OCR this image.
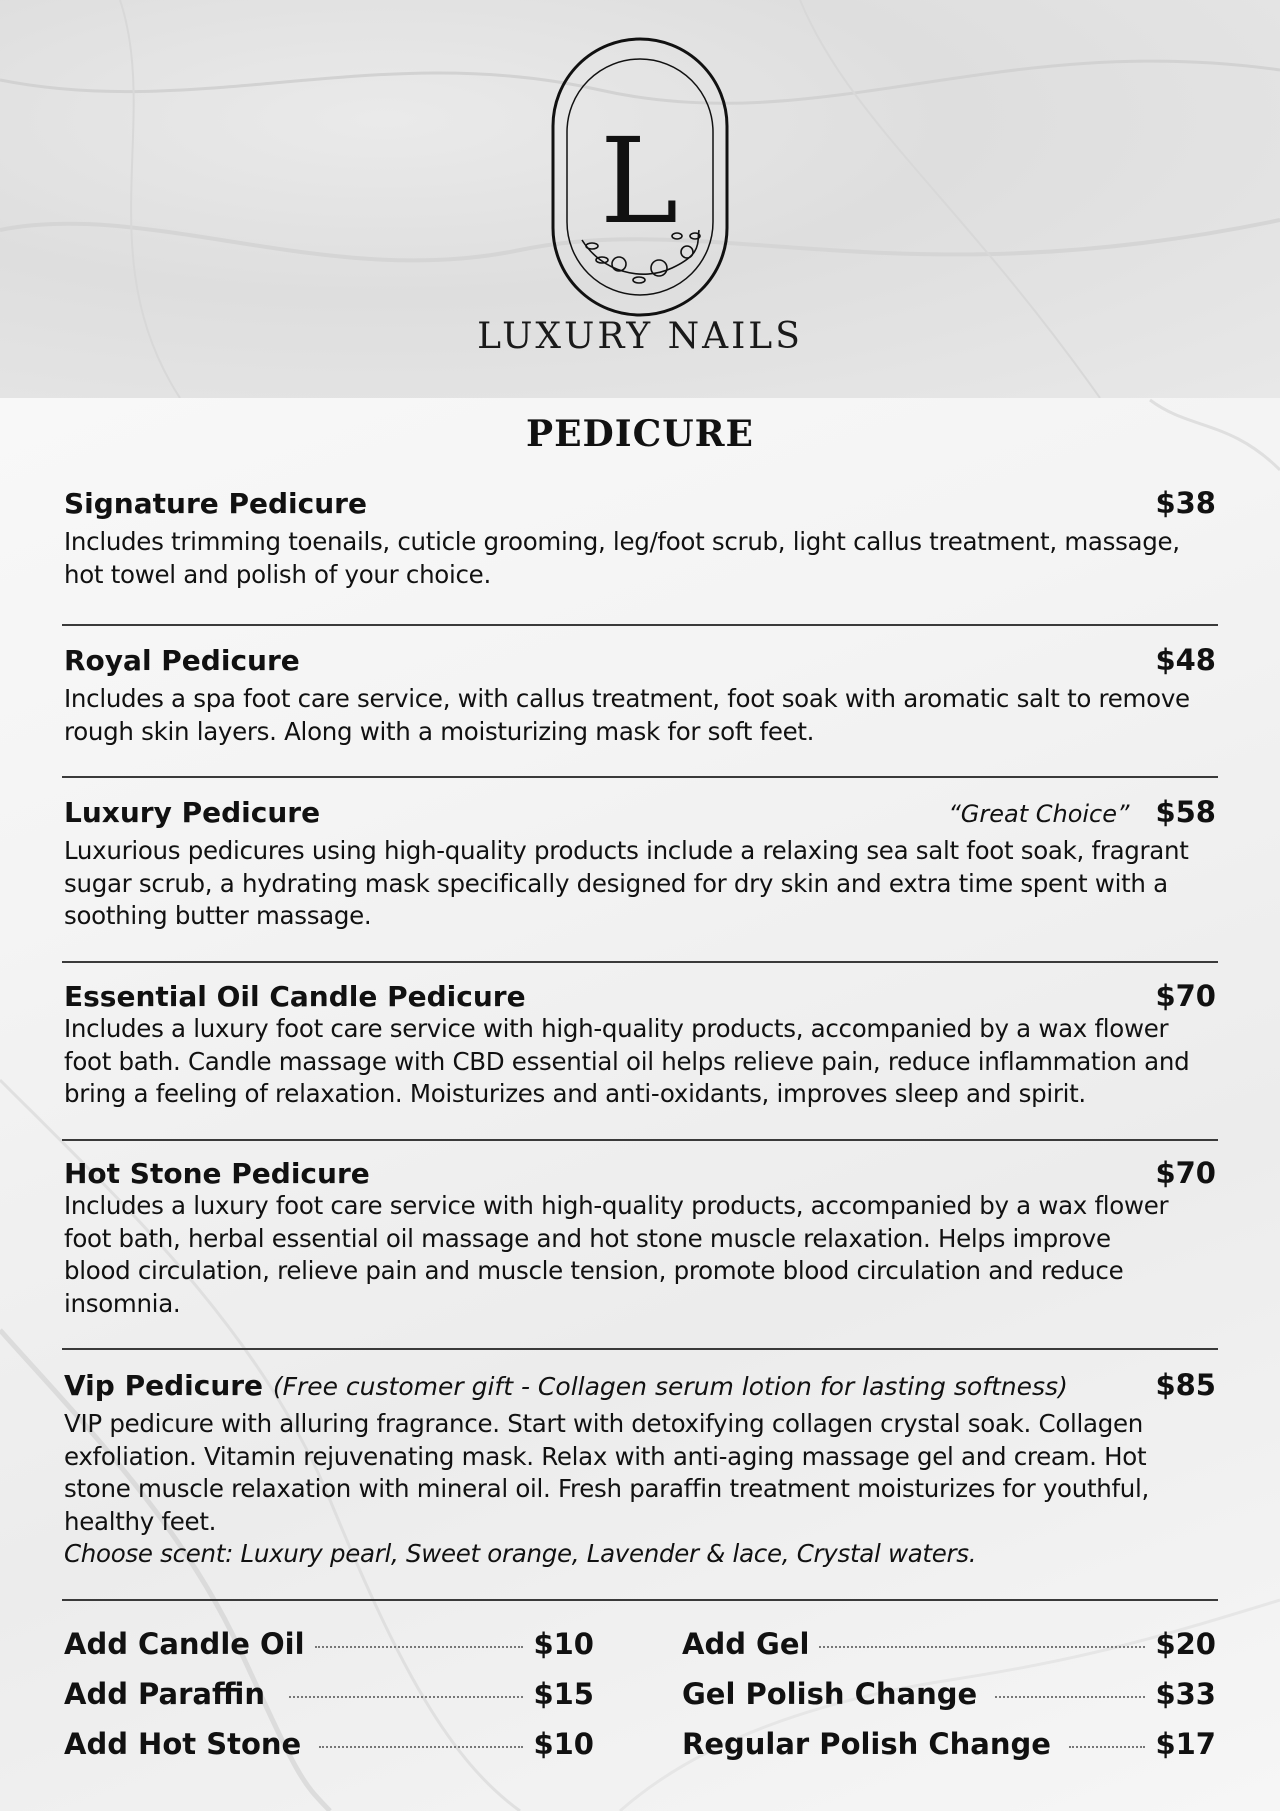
L
LUXURY NAILS
PEDICURE
Signature Pedicure	$38
Includes trimming toenails, cuticle grooming, leg/foot scrub, light callus treatment, massage, hot towel and polish of your choice.
Royal Pedicure	$48
Includes a spa foot care service, with callus treatment, foot soak with aromatic salt to remove rough skin layers. Along with a moisturizing mask for soft feet.
Luxury Pedicure	“Great Choice” $58
Luxurious pedicures using high-quality products include a relaxing sea salt foot soak, fragrant sugar scrub, a hydrating mask specifically designed for dry skin and extra time spent with a soothing butter massage.
Essential Oil Candle Pedicure	$70
Includes a luxury foot care service with high-quality products, accompanied by a wax flower foot bath. Candle massage with CBD essential oil helps relieve pain, reduce inflammation and bring a feeling of relaxation. Moisturizes and anti-oxidants, improves sleep and spirit.
Hot Stone Pedicure	$70
Includes a luxury foot care service with high-quality products, accompanied by a wax flower foot bath, herbal essential oil massage and hot stone muscle relaxation. Helps improve blood circulation, relieve pain and muscle tension, promote blood circulation and reduce insomnia.
Vip Pedicure (Free customer gift - Collagen serum lotion for lasting softness)	$85
VIP pedicure with alluring fragrance. Start with detoxifying collagen crystal soak. Collagen exfoliation. Vitamin rejuvenating mask. Relax with anti-aging massage gel and cream. Hot stone muscle relaxation with mineral oil. Fresh paraffin treatment moisturizes for youthful, healthy feet.
Choose scent: Luxury pearl, Sweet orange, Lavender & lace, Crystal waters.
Add Candle Oil	$10
Add Paraffin	$15
Add Hot Stone	$10
Add Gel	$20
Gel Polish Change	$33
Regular Polish Change	$17
